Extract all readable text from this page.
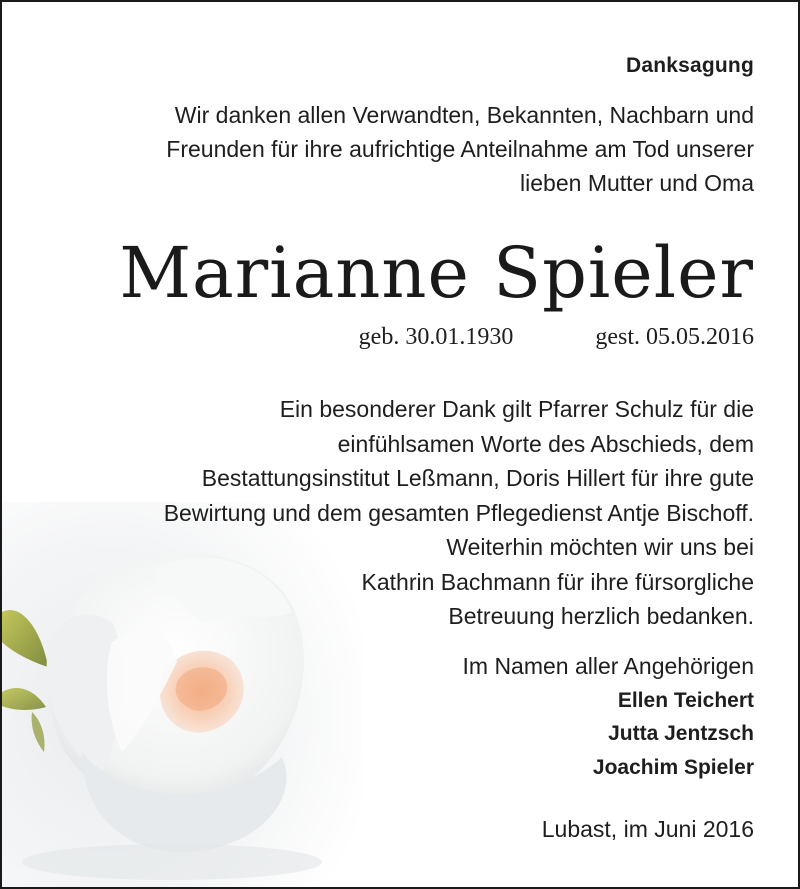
Danksagung
Wir danken allen Verwandten, Bekannten, Nachbarn und
Freunden für ihre aufrichtige Anteilnahme am Tod unserer
lieben Mutter und Oma
Marianne Spieler
geb. 30.01.1930	gest. 05.05.2016
Ein besonderer Dank gilt Pfarrer Schulz für die
einfühlsamen Worte des Abschieds, dem
Bestattungsinstitut Leßmann, Doris Hillert für ihre gute
Bewirtung und dem gesamten Pflegedienst Antje Bischoff.
Weiterhin möchten wir uns bei
Kathrin Bachmann für ihre fürsorgliche
Betreuung herzlich bedanken.
Im Namen aller Angehörigen
Ellen Teichert
Jutta Jentzsch
Joachim Spieler
Lubast, im Juni 2016
